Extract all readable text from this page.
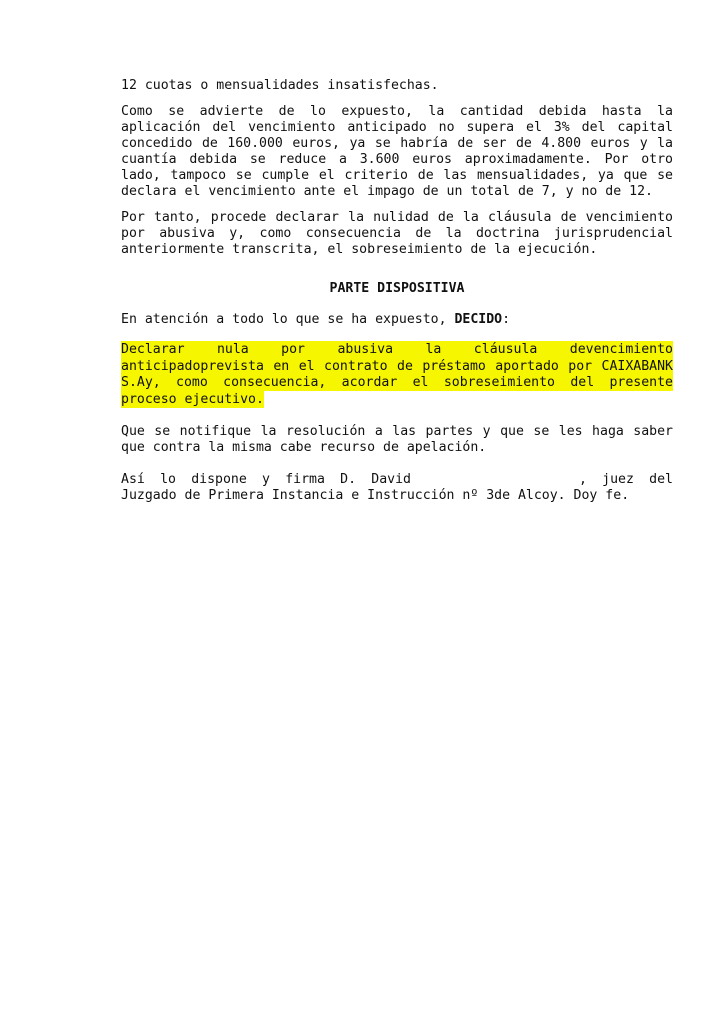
12 cuotas o mensualidades insatisfechas.

Como se advierte de lo expuesto, la cantidad debida hasta la aplicación del vencimiento anticipado no supera el 3% del capital concedido de 160.000 euros, ya se habría de ser de 4.800 euros y la cuantía debida se reduce a 3.600 euros aproximadamente. Por otro lado, tampoco se cumple el criterio de las mensualidades, ya que se declara el vencimiento ante el impago de un total de 7, y no de 12.

Por tanto, procede declarar la nulidad de la cláusula de vencimiento por abusiva y, como consecuencia de la doctrina jurisprudencial anteriormente transcrita, el sobreseimiento de la ejecución.

PARTE DISPOSITIVA

En atención a todo lo que se ha expuesto, DECIDO:

Declarar nula por abusiva la cláusula devencimiento anticipadoprevista en el contrato de préstamo aportado por CAIXABANK S.Ay, como consecuencia, acordar el sobreseimiento del presente proceso ejecutivo.

Que se notifique la resolución a las partes y que se les haga saber que contra la misma cabe recurso de apelación.

Así lo dispone y firma D. David	, juez del Juzgado de Primera Instancia e Instrucción nº 3de Alcoy. Doy fe.
